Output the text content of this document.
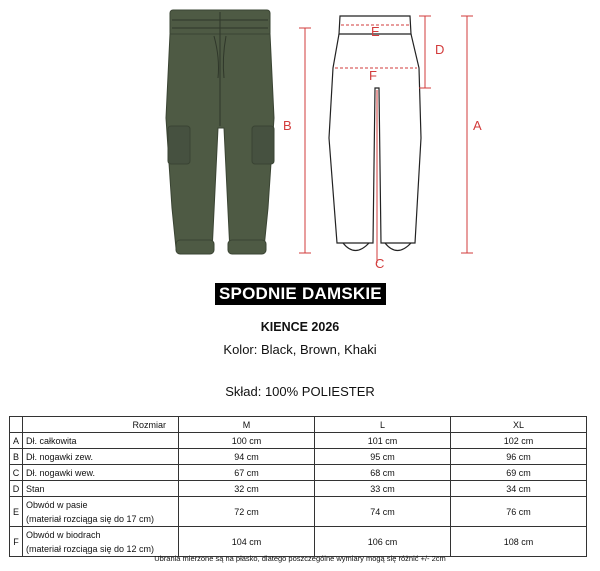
E
F
B	A
D
C
SPODNIE DAMSKIE
KIENCE 2026
Kolor: Black, Brown, Khaki
Skład: 100% POLIESTER
	Rozmiar	M	L	XL
A	Dł. całkowita	100 cm	101 cm	102 cm
B	Dł. nogawki zew.	94 cm	95 cm	96 cm
C	Dł. nogawki wew.	67 cm	68 cm	69 cm
D	Stan	32 cm	33 cm	34 cm
E	Obwód w pasie
(materiał rozciąga się do 17 cm)	72 cm	74 cm	76 cm
F	Obwód w biodrach
(materiał rozciąga się do 12 cm)	104 cm	106 cm	108 cm
Ubrania mierzone są na płasko, dlatego poszczególne wymiary mogą się różnić +/- 2cm
